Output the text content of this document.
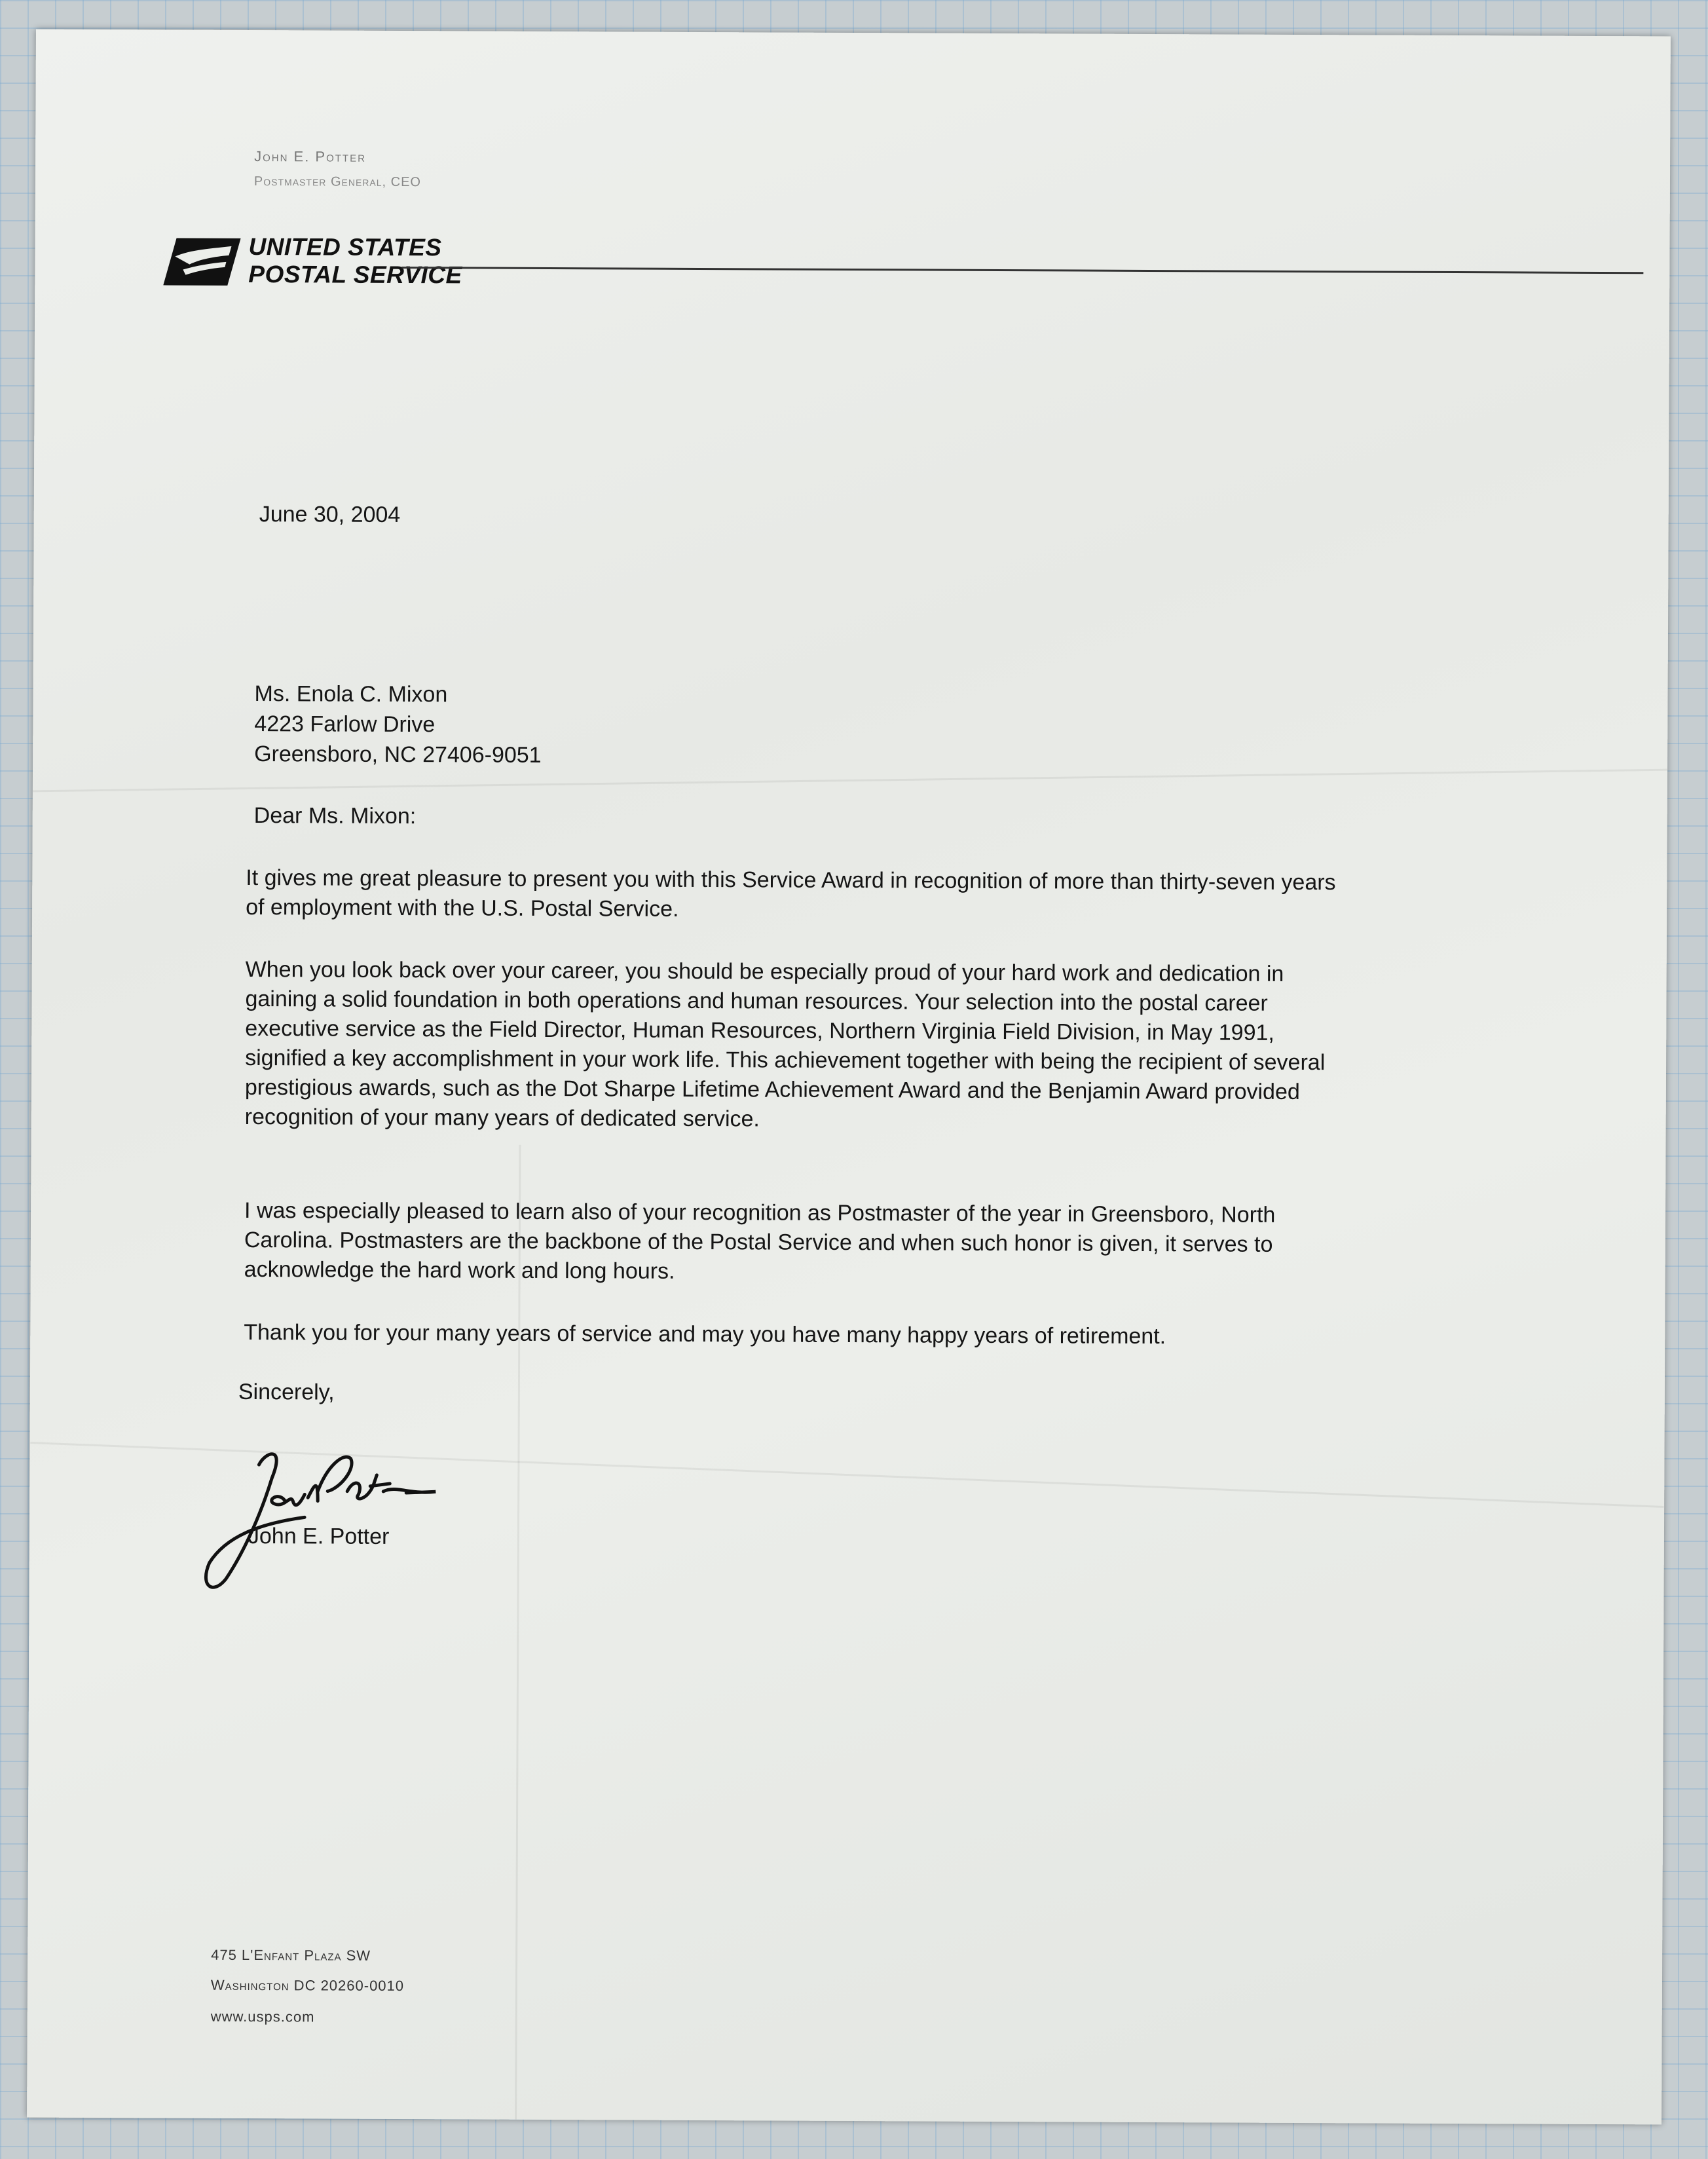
John E. Potter
Postmaster General, CEO
UNITED STATES
POSTAL SERVICE
June 30, 2004
Ms. Enola C. Mixon
4223 Farlow Drive
Greensboro, NC 27406-9051
Dear Ms. Mixon:
It gives me great pleasure to present you with this Service Award in recognition of more than thirty-seven years of employment with the U.S. Postal Service.
When you look back over your career, you should be especially proud of your hard work and dedication in gaining a solid foundation in both operations and human resources. Your selection into the postal career executive service as the Field Director, Human Resources, Northern Virginia Field Division, in May 1991, signified a key accomplishment in your work life. This achievement together with being the recipient of several prestigious awards, such as the Dot Sharpe Lifetime Achievement Award and the Benjamin Award provided recognition of your many years of dedicated service.
I was especially pleased to learn also of your recognition as Postmaster of the year in Greensboro, North Carolina. Postmasters are the backbone of the Postal Service and when such honor is given, it serves to acknowledge the hard work and long hours.
Thank you for your many years of service and may you have many happy years of retirement.
Sincerely,
John E. Potter
475 L'Enfant Plaza SW
Washington DC 20260-0010
www.usps.com
